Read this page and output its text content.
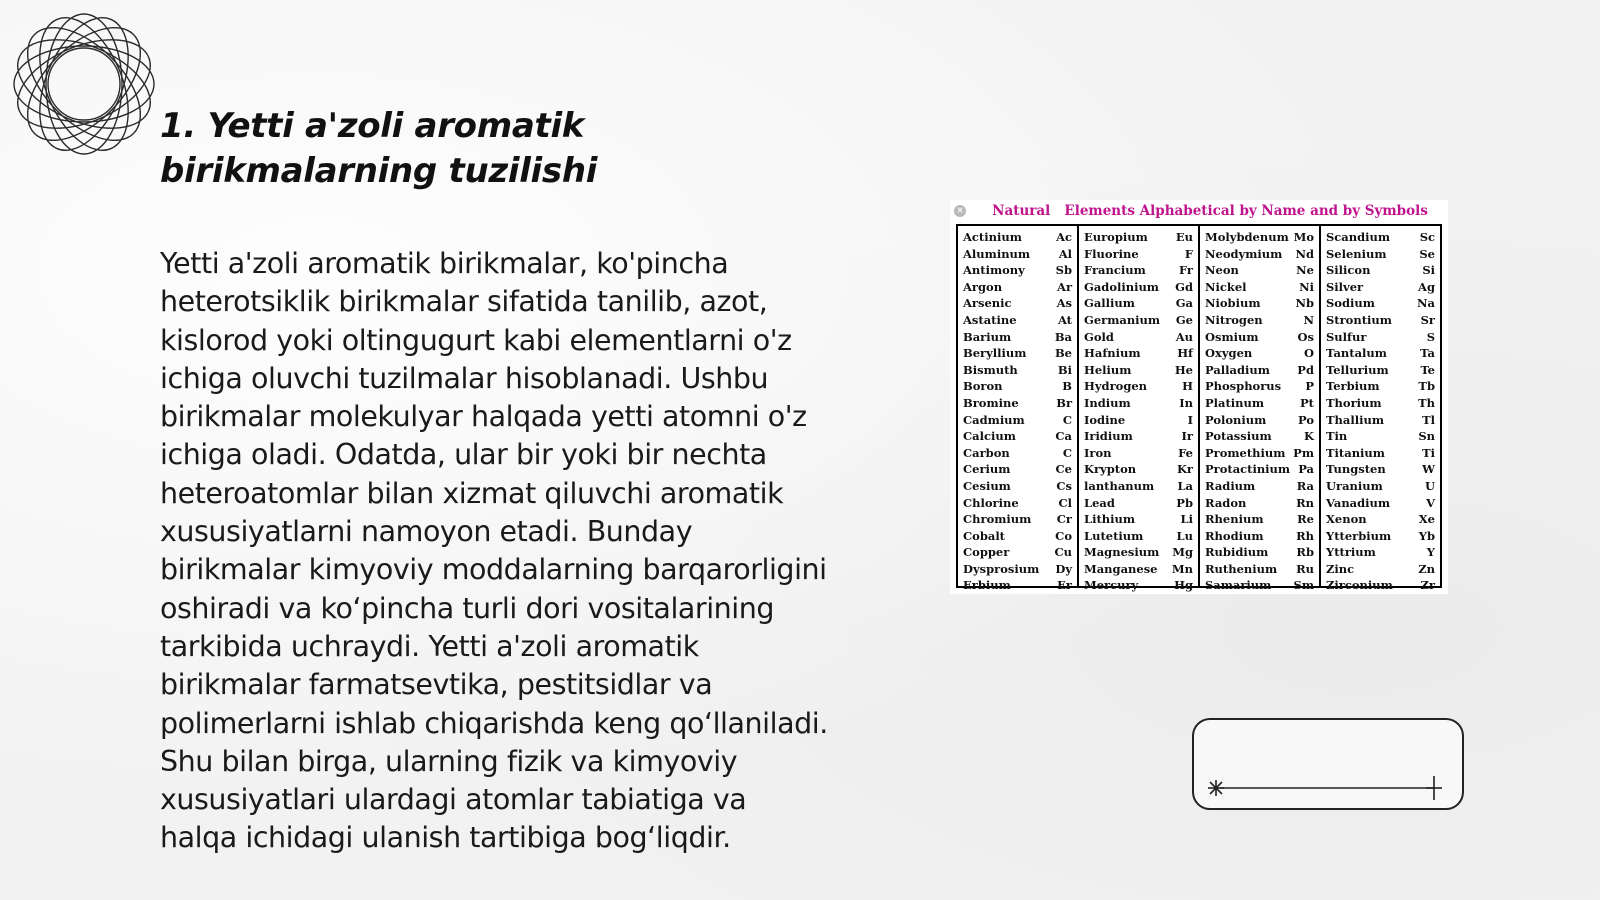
1. Yetti a'zoli aromatik birikmalarning tuzilishi

Yetti a'zoli aromatik birikmalar, ko'pincha heterotsiklik birikmalar sifatida tanilib, azot, kislorod yoki oltingugurt kabi elementlarni o'z ichiga oluvchi tuzilmalar hisoblanadi. Ushbu birikmalar molekulyar halqada yetti atomni o'z ichiga oladi. Odatda, ular bir yoki bir nechta heteroatomlar bilan xizmat qiluvchi aromatik xususiyatlarni namoyon etadi. Bunday birikmalar kimyoviy moddalarning barqarorligini oshiradi va ko‘pincha turli dori vositalarining tarkibida uchraydi. Yetti a'zoli aromatik birikmalar farmatsevtika, pestitsidlar va polimerlarni ishlab chiqarishda keng qo‘llaniladi. Shu bilan birga, ularning fizik va kimyoviy xususiyatlari ulardagi atomlar tabiatiga va halqa ichidagi ulanish tartibiga bog‘liqdir.

× Natural Elements Alphabetical by Name and by Symbols
Actinium	Ac
Aluminum	Al
Antimony	Sb
Argon	Ar
Arsenic	As
Astatine	At
Barium	Ba
Beryllium	Be
Bismuth	Bi
Boron	B
Bromine	Br
Cadmium	C
Calcium	Ca
Carbon	C
Cerium	Ce
Cesium	Cs
Chlorine	Cl
Chromium	Cr
Cobalt	Co
Copper	Cu
Dysprosium	Dy
Erbium	Er
Europium	Eu
Fluorine	F
Francium	Fr
Gadolinium	Gd
Gallium	Ga
Germanium	Ge
Gold	Au
Hafnium	Hf
Helium	He
Hydrogen	H
Indium	In
Iodine	I
Iridium	Ir
Iron	Fe
Krypton	Kr
lanthanum	La
Lead	Pb
Lithium	Li
Lutetium	Lu
Magnesium	Mg
Manganese	Mn
Mercury	Hg
Molybdenum Mo
Neodymium	Nd
Neon	Ne
Nickel	Ni
Niobium	Nb
Nitrogen	N
Osmium	Os
Oxygen	O
Palladium	Pd
Phosphorus	P
Platinum	Pt
Polonium	Po
Potassium	K
Promethium Pm
Protactinium Pa
Radium	Ra
Radon	Rn
Rhenium	Re
Rhodium	Rh
Rubidium	Rb
Ruthenium	Ru
Samarium	Sm
Scandium	Sc
Selenium	Se
Silicon	Si
Silver	Ag
Sodium	Na
Strontium	Sr
Sulfur	S
Tantalum	Ta
Tellurium	Te
Terbium	Tb
Thorium	Th
Thallium	Tl
Tin	Sn
Titanium	Ti
Tungsten	W
Uranium	U
Vanadium	V
Xenon	Xe
Ytterbium	Yb
Yttrium	Y
Zinc	Zn
Zirconium	Zr
